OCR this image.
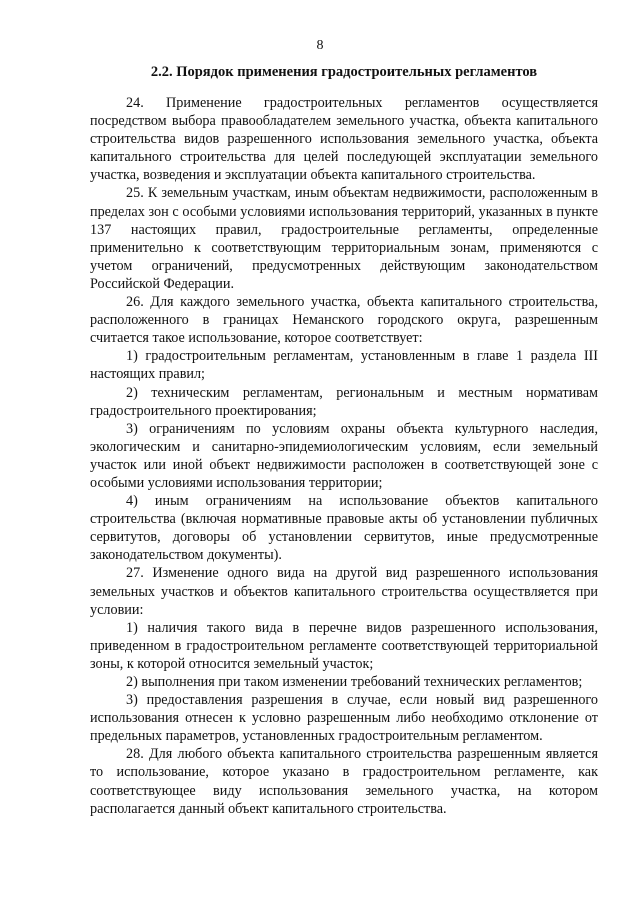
8
2.2. Порядок применения градостроительных регламентов

24. Применение градостроительных регламентов осуществляется посредством выбора правообладателем земельного участка, объекта капитального строительства видов разрешенного использования земельного участка, объекта капитального строительства для целей последующей эксплуатации земельного участка, возведения и эксплуатации объекта капитального строительства.

25. К земельным участкам, иным объектам недвижимости, расположенным в пределах зон с особыми условиями использования территорий, указанных в пункте 137 настоящих правил, градостроительные регламенты, определенные применительно к соответствующим территориальным зонам, применяются с учетом ограничений, предусмотренных действующим законодательством Российской Федерации.

26. Для каждого земельного участка, объекта капитального строительства, расположенного в границах Неманского городского округа, разрешенным считается такое использование, которое соответствует:

1) градостроительным регламентам, установленным в главе 1 раздела III настоящих правил;

2) техническим регламентам, региональным и местным нормативам градостроительного проектирования;

3) ограничениям по условиям охраны объекта культурного наследия, экологическим и санитарно-эпидемиологическим условиям, если земельный участок или иной объект недвижимости расположен в соответствующей зоне с особыми условиями использования территории;

4) иным ограничениям на использование объектов капитального строительства (включая нормативные правовые акты об установлении публичных сервитутов, договоры об установлении сервитутов, иные предусмотренные законодательством документы).

27. Изменение одного вида на другой вид разрешенного использования земельных участков и объектов капитального строительства осуществляется при условии:

1) наличия такого вида в перечне видов разрешенного использования, приведенном в градостроительном регламенте соответствующей территориальной зоны, к которой относится земельный участок;

2) выполнения при таком изменении требований технических регламентов;

3) предоставления разрешения в случае, если новый вид разрешенного использования отнесен к условно разрешенным либо необходимо отклонение от предельных параметров, установленных градостроительным регламентом.

28. Для любого объекта капитального строительства разрешенным является то использование, которое указано в градостроительном регламенте, как соответствующее виду использования земельного участка, на котором располагается данный объект капитального строительства.
